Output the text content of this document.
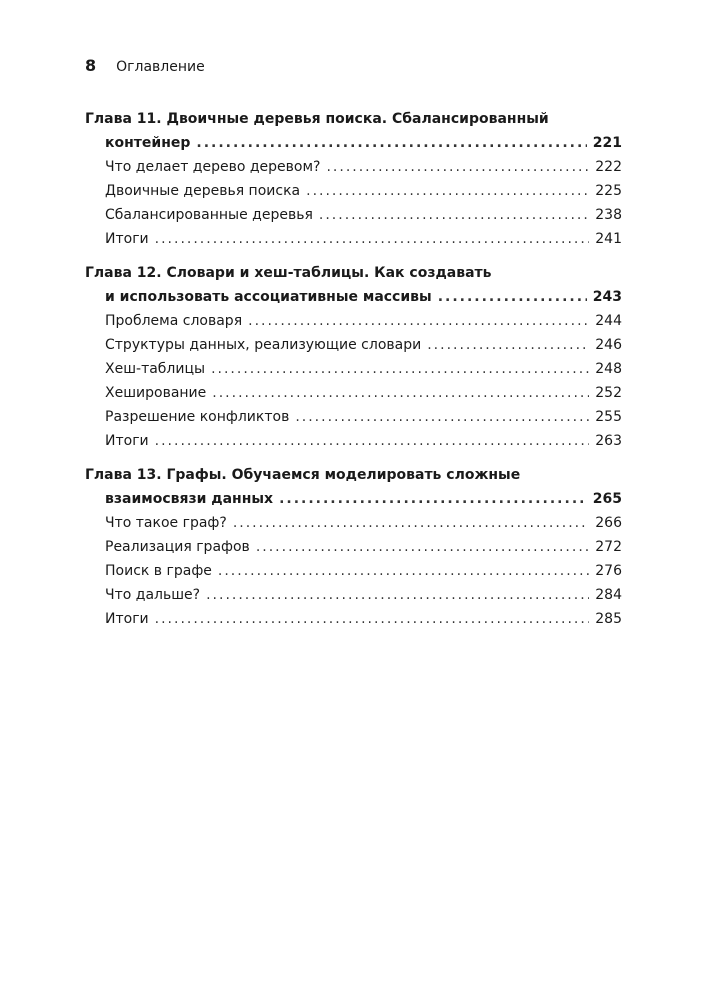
8 Оглавление
Глава 11. Двоичные деревья поиска. Сбалансированный
контейнер .....	221
Что делает дерево деревом? .....	222
Двоичные деревья поиска .....	225
Сбалансированные деревья .....	238
Итоги .....	241
Глава 12. Словари и хеш-таблицы. Как создавать
и использовать ассоциативные массивы .....	243
Проблема словаря .....	244
Структуры данных, реализующие словари .....	246
Хеш-таблицы .....	248
Хеширование .....	252
Разрешение конфликтов .....	255
Итоги .....	263
Глава 13. Графы. Обучаемся моделировать сложные
взаимосвязи данных .....	265
Что такое граф? .....	266
Реализация графов .....	272
Поиск в графе .....	276
Что дальше? .....	284
Итоги .....	285
